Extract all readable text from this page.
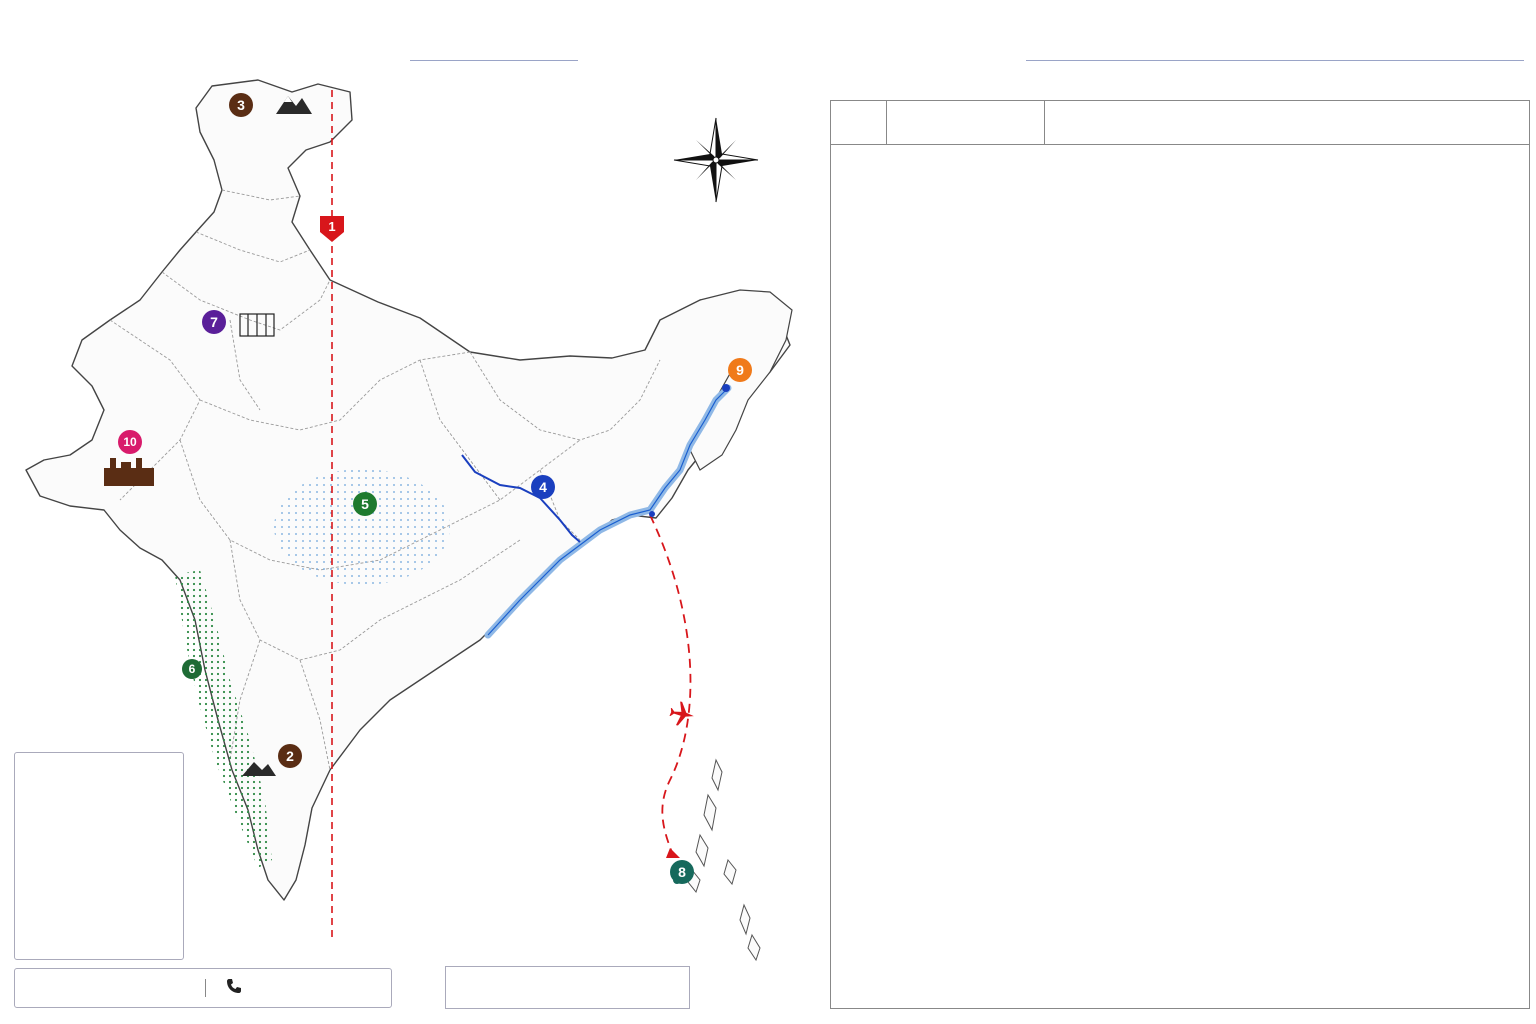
1
2
3
4
5
6
7
8
9
10
